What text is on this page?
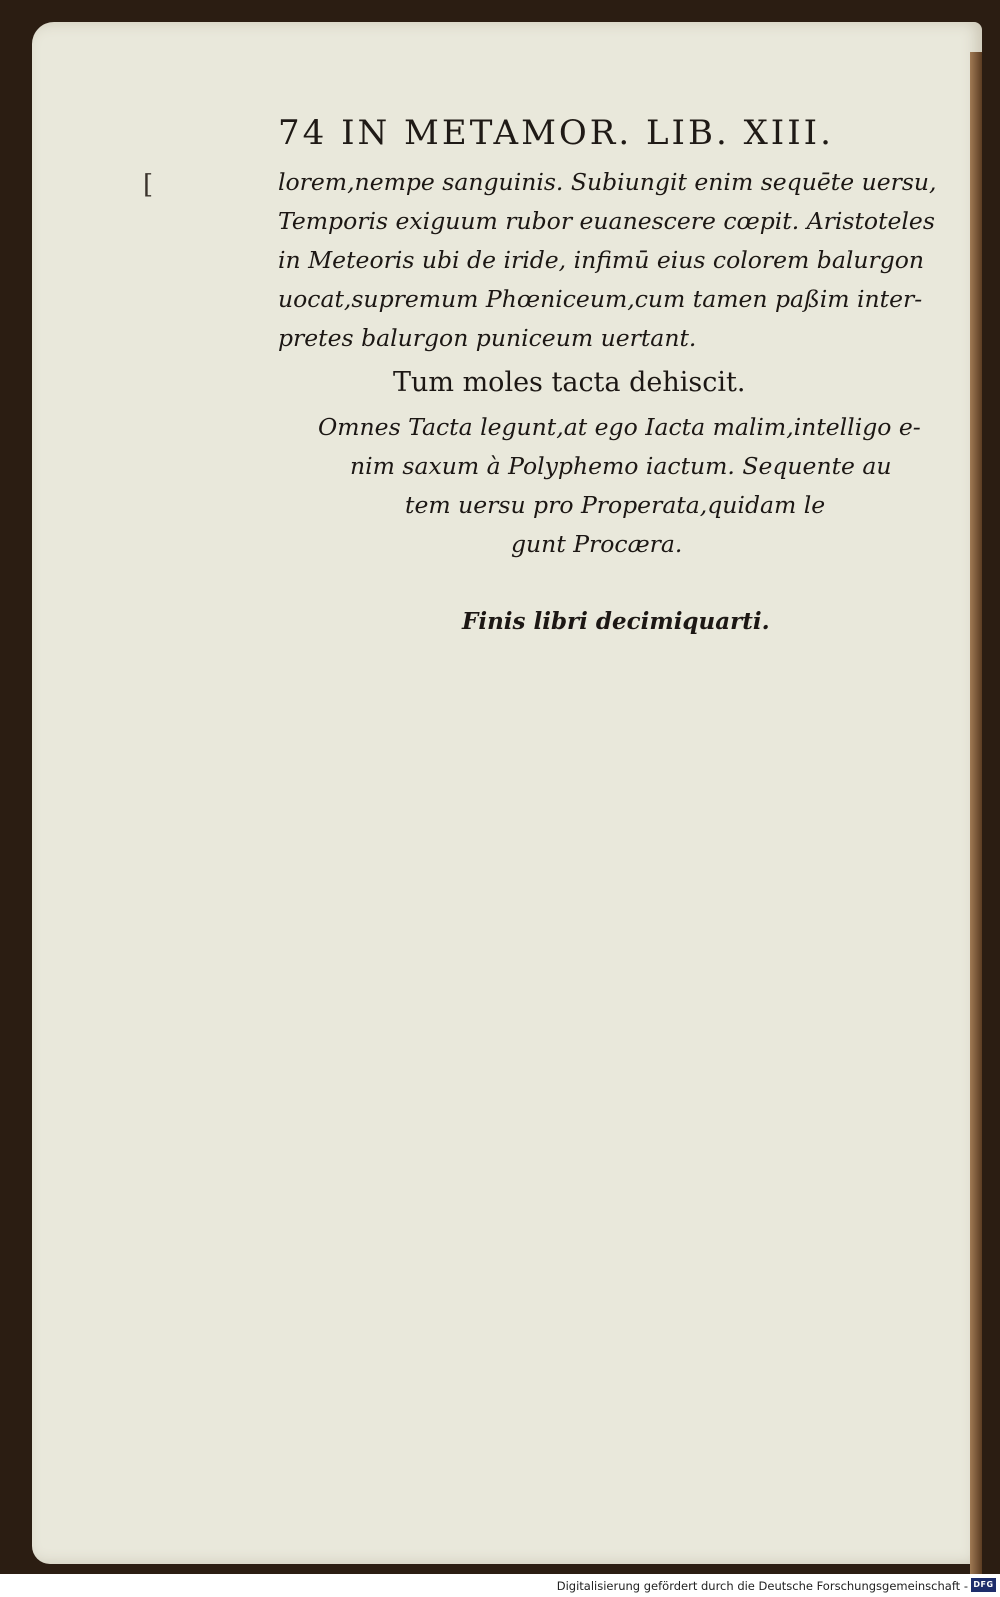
74 IN METAMOR. LIB. XIII.
[	lorem,nempe sanguinis. Subiungit enim sequēte uersu,
Temporis exiguum rubor euanescere cœpit. Aristoteles
in Meteoris ubi de iride, infimū eius colorem balurgon
uocat,supremum Phœniceum,cum tamen paßim inter-
pretes balurgon puniceum uertant.
Tum moles tacta dehiscit.
Omnes Tacta legunt,at ego Iacta malim,intelligo e-
nim saxum à Polyphemo iactum. Sequente au
tem uersu pro Properata,quidam le
gunt Procæra.
Finis libri decimiquarti.
Digitalisierung gefördert durch die Deutsche Forschungsgemeinschaft - DFG
